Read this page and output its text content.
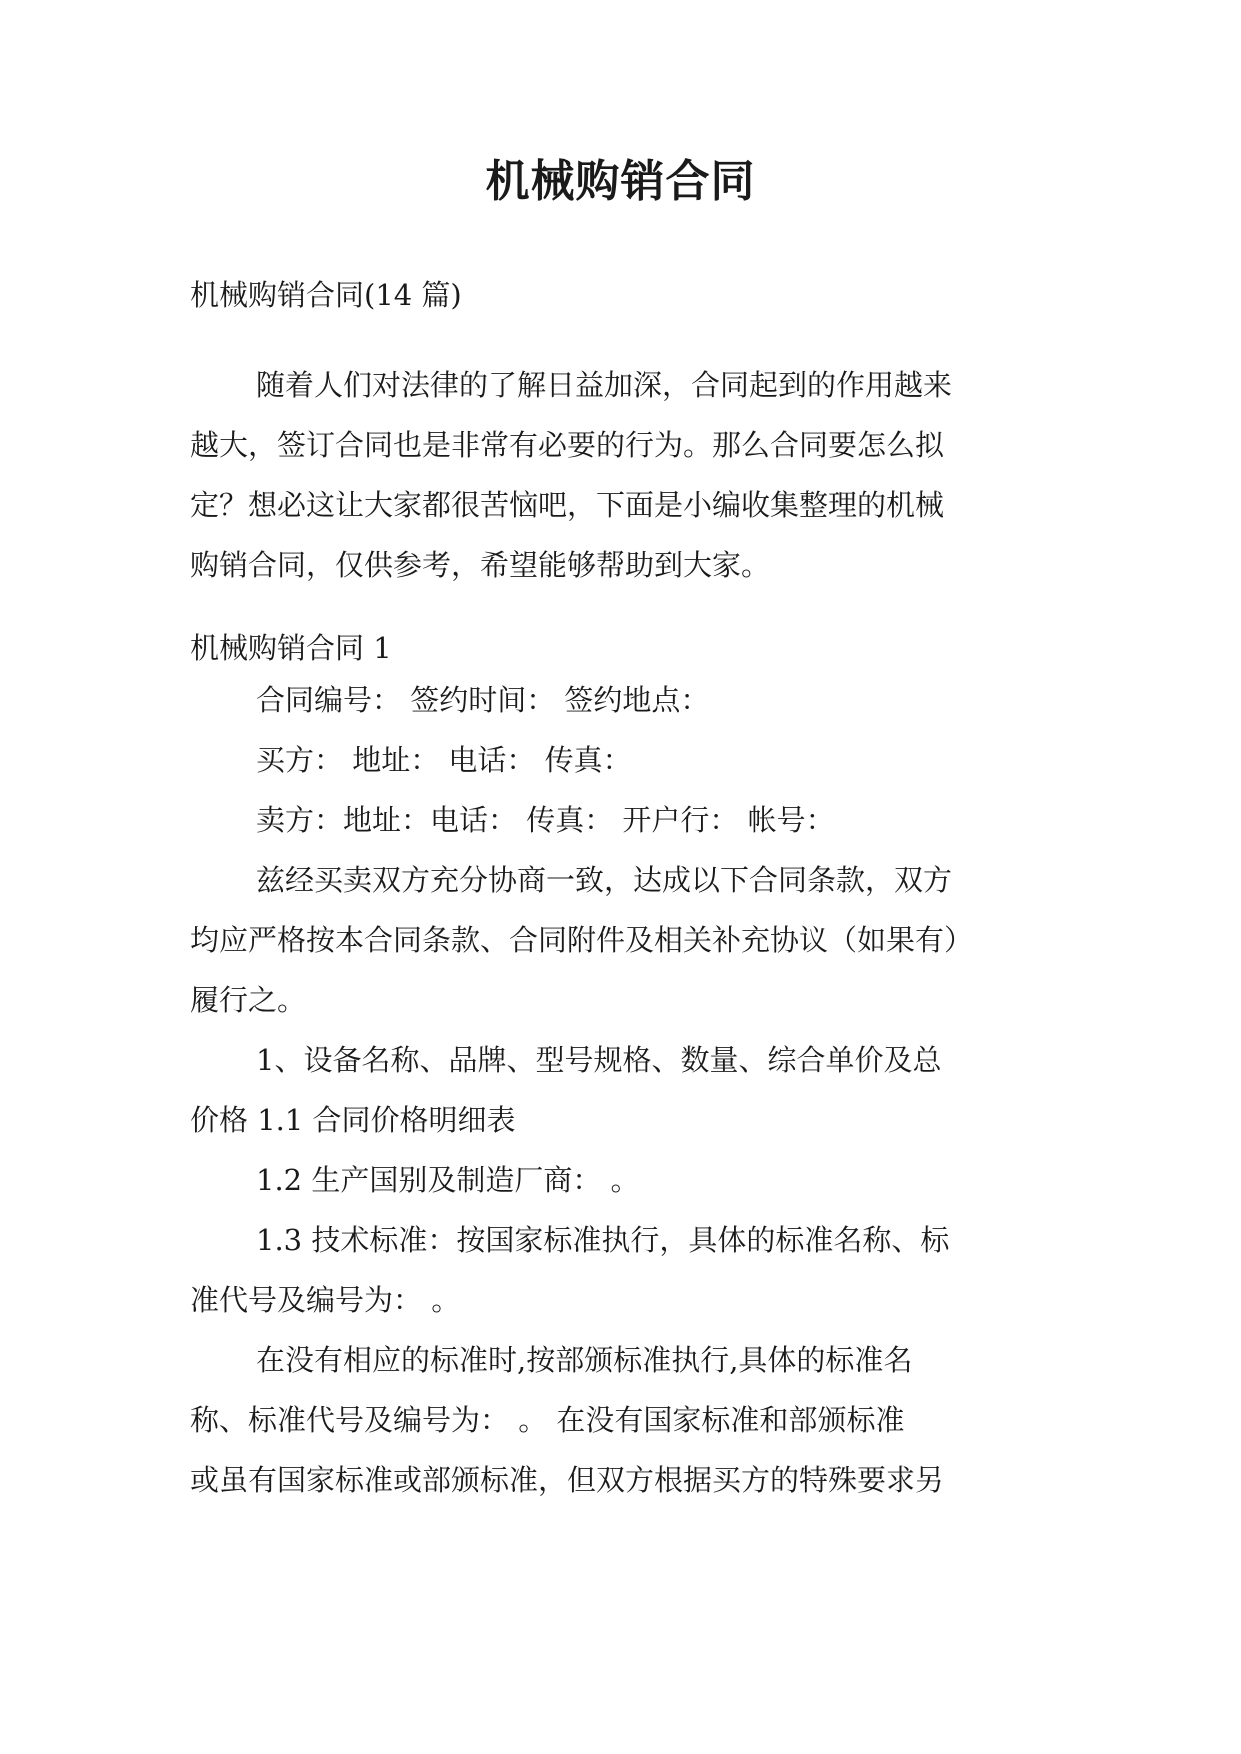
机械购销合同

机械购销合同(14 篇)

随着人们对法律的了解日益加深，合同起到的作用越来
越大，签订合同也是非常有必要的行为。那么合同要怎么拟
定？想必这让大家都很苦恼吧，下面是小编收集整理的机械
购销合同，仅供参考，希望能够帮助到大家。

机械购销合同 1

合同编号： 签约时间： 签约地点：
买方： 地址： 电话： 传真：
卖方：地址：电话： 传真： 开户行： 帐号：
兹经买卖双方充分协商一致，达成以下合同条款，双方
均应严格按本合同条款、合同附件及相关补充协议（如果有）
履行之。
1、设备名称、品牌、型号规格、数量、综合单价及总
价格 1.1 合同价格明细表
1.2 生产国别及制造厂商： 。
1.3 技术标准：按国家标准执行，具体的标准名称、标
准代号及编号为： 。
在没有相应的标准时,按部颁标准执行,具体的标准名
称、标准代号及编号为： 。 在没有国家标准和部颁标准
或虽有国家标准或部颁标准，但双方根据买方的特殊要求另
